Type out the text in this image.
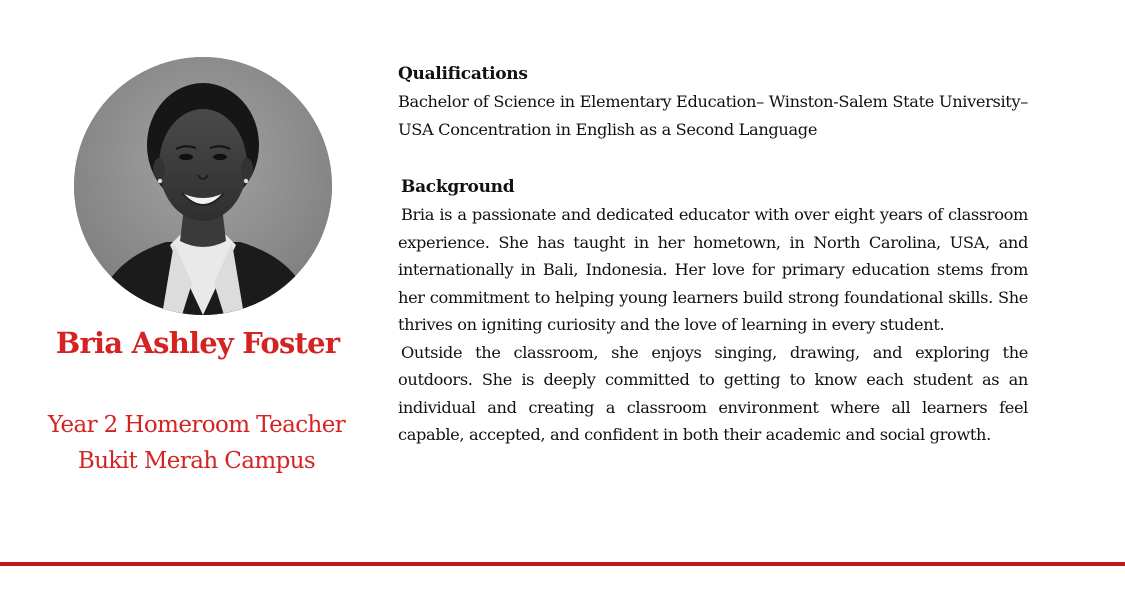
Bria Ashley Foster
Year 2 Homeroom Teacher
Bukit Merah Campus
Qualifications

Bachelor of Science in Elementary Education– Winston-Salem State University– USA Concentration in English as a Second Language

Background

Bria is a passionate and dedicated educator with over eight years of classroom experience. She has taught in her hometown, in North Carolina, USA, and internationally in Bali, Indonesia. Her love for primary education stems from her commitment to helping young learners build strong foundational skills. She thrives on igniting curiosity and the love of learning in every student.

Outside the classroom, she enjoys singing, drawing, and exploring the outdoors. She is deeply committed to getting to know each student as an individual and creating a classroom environment where all learners feel capable, accepted, and confident in both their academic and social growth.
